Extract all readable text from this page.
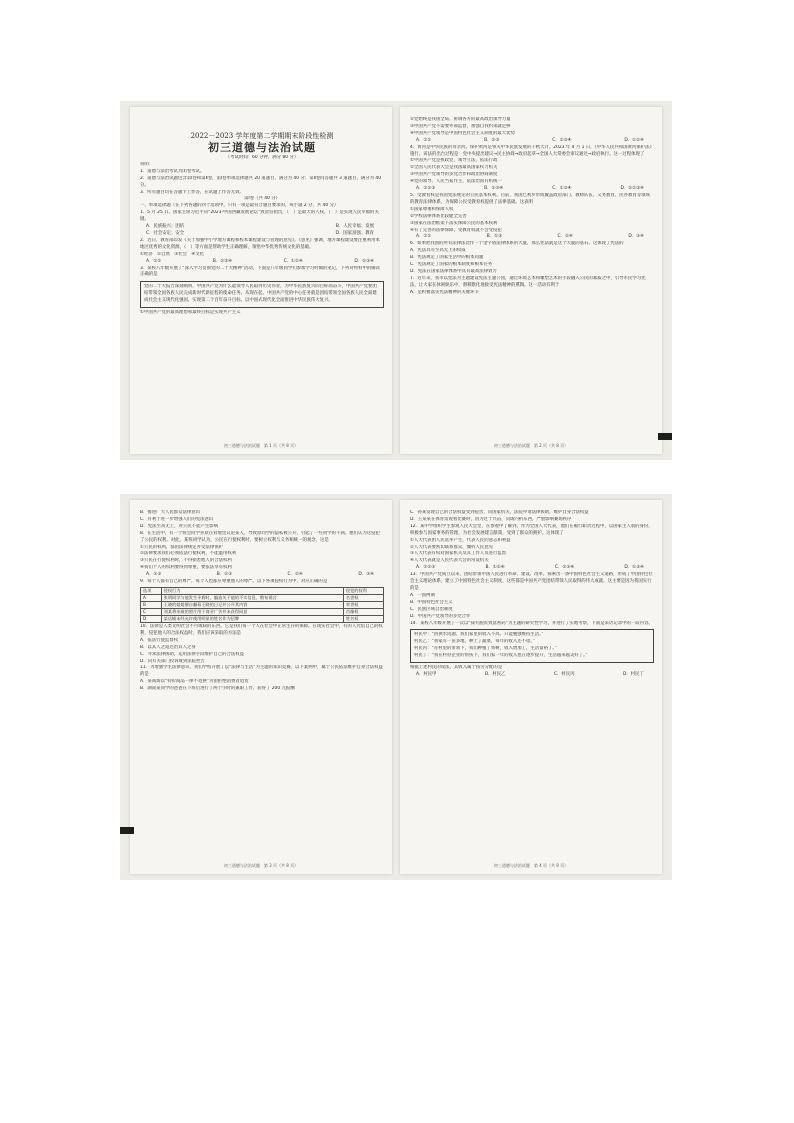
2022－2023 学年度第二学期期末阶段性检测
初三道德与法治试题
（考试时间：60 分钟，满分 80 分）
说明：
1．道德与法治考试为闭卷考试。
2．道德与法治试题包含第Ⅰ卷和第Ⅱ卷，第Ⅰ卷单项选择题共 20 道题目，满分为 40 分；第Ⅱ卷问答题共 3 道题目，满分为 40 分。
3．所有题目均在答题卡上作答，在试题上作答无效。
第Ⅰ卷（共 40 分）
一、单项选择题（在下列各题的四个选项中，只有一项是最符合题目要求的，每小题 2 分，共 40 分）
1．5 月 25 日，国家主席习近平向“2023·中国西藏发展论坛”致贺信指出，（　）是最大的人权，（　）是实现人民幸福的关键。
A．民族振兴；团结	B．人民幸福；发展
C．社会安定；安全	D．国家富强；教育
2．近日，教育部印发《关于加强中小学地方课程和校本课程建设与管理的意见》。《意见》强调，地方课程建设要注重利用本地区优秀的文化资源，（　）等方面是帮助学生正确理解，领悟中华优秀传统文化的基础。
①经济　②自然　③社会　④文化
A．①②	B．②③④	C．①②④	D．②③④
3．某校八年级开展了“深入学习贯彻党的二十大精神”活动，下面是八年级同学们参加学习时做的笔记，下列对材料中的解读正确的是
党的二十大报告深刻阐明，中国共产党为什么能领导人民取得历史伟业，为中华民族复兴的目标而奋斗，中国共产党要团结带领全国各族人民完成新时代新征程的使命任务。从现在起，中国共产党的中心任务就是团结带领全国各族人民全面建成社会主义现代化强国、实现第二个百年奋斗目标，以中国式现代化全面推进中华民族伟大复兴。
①中国共产党的最高理想和最终目标是实现共产主义
初三道德与法治试题　第 1 页（共 8 页）
②党始终是我国全局、协调各方的最高政治领导力量
③中国共产党不需要外部监督，加强自我约束就足够
④中国共产党领导是中国特色社会主义制度的最大优势
A．①②	B．②③	C．②③④	D．①②④
4．黄河是中华民族的母亲河。保护黄河是事关中华民族发展的千秋大计。2023 年 4 月 1 日，《中华人民共和国黄河保护法》施行。该法的出台过程是：党中央提出建议→民主协商→政府起草→全国人大常委会审议通过→政府执行。这一过程体现了
①中国共产党是执政党，领导立法，依法行政
②全国人民代表大会是我国最高国家权力机关
③中国共产党领导的多党合作和政治协商制度
④党的领导、人民当家作主、依法治国有机统一
A．①②③	B．①③④	C．①③④	D．①②③④
5．受教育权是我国宪法规定的公民基本权利。目前，我国已初步形成覆盖政府部门、教师队伍、义务教育、民办教育等领域的教育法律体系，为保障公民受教育权提供了法律基础。这表明
①国家尊重和保障人权
②学校法律体系比较健全完善
③国家在法治框架下落实保障公民的基本权利
④有了完善的法律保障，受教育权就不会受侵犯
A．①②	B．①③	C．②④	D．③④
6．如果把我国的所有法律法比作一个金字塔法律体系的大厦，那么宪法就是这个大厦的基石。这体现了宪法的
A．宪法具有至高无上的权威
B．宪法规定了国家生活中的根本问题
C．宪法规定了国家的根本制度和根本任务
D．宪法在国家法律体系中具有最高法律效力
7．近年来，我市以宪法为主题建设宪法主题公园，通过环境艺术和雕塑艺术的手段融入公民的素质之中，引导市民学习宪法，让大家在休闲娱乐中，潜移默化地接受宪法精神的熏陶。这一活动有利于
A．是积极落实宪法精神的关键环节
初三道德与法治试题　第 2 页（共 8 页）
B．推进广大人民群众法律意识
C．有利于进一步增强人们的宪法意识
D．宪法至高无上，对公民不能产生影响
8．在生活中，有一个班会同学喜欢在背地里议论某人，导致原同学的隐私被公开，引起了一些同学的不满。他们认为这侵犯了公民的权利。对此，某班同学认为，公民在行使权利时，要树立权利与义务相统一的观念，这是
①公民的权利，都由法律规定并受法律保护
②法律要求我们必须依法行使权利，不能滥用权利
③公民在行使权利时，不得损害他人的合法权利
④我们个人的权利要得到尊重，要依法享有权利
A．①③	B．②③	C．②④	D．③④
9．每个人都有自己的尊严，每个人也都应尊重他人的尊严。以下各项侵权行为中，对应正确的是
选项	侵权行为	侵犯的权利
A	张明同学与他发生矛盾时，编造关于他的不实信息，散布谣言	名誉权
B	王晓的姐姐擅自翻看王晓的日记并公开其内容	荣誉权
C	刘某将亲戚的照片用于商业广告并未获得同意	肖像权
D	某店铺未经允许使用明星的姓名作为招牌	姓名权
10．法律是人类文明社会不可或缺的东西。它是我们每一个人在社会中正常生存的保障。在现实社会中，有的人凭借自己的权利，侵犯他人的合法权益时，我们应该采取的方法是
A．依法行使监督权
B．以其人之道还治其人之身
C．寻求法律援助，运用法律手段维护自己的合法权益
D．向有关部门投诉或到法院控告
11．为增强学生法律意识，我们学校开展了以“法律与生活”为主题的知识竞赛。以下案例中，属于公民依法维护自身合法权益的是
A．某商场以“特价商品一律不退换”为由拒绝消费者退货
B．湖南某同学的爸爸在下班后进行了两个小时的兼职工作，获得了 200 元报酬
初三道德与法治试题　第 3 页（共 8 页）
C．孙某发现自己的合法权益受到侵害，向国家机关、法院申请法律援助，维护自身合法权益
D．王某某在体育馆观看比赛时，因为过于兴奋，向场内扔东西，严重影响赛场秩序
12．某中学组织学生参观人民大会堂，在参观中了解到，作为全国人大代表，他们在履行职责过程中，以国家主人翁的身份，积极参与国家事务的管理，为社会发展建言献策，受到了群众的拥护。这体现了
①人大代表由人民选举产生，代表人民的意志和利益
②人大代表要密切联系群众，倾听人民意见
③人大代表有权对国家机关及其工作人员进行监督
④人大代表就是人民代表大会的常设机关
A．①②③	B．①②④	C．②③④	D．①③④
13．中国共产党成立以来，团结带领中国人民进行革命、建设、改革，探索出一条中国特色社会主义道路，形成了中国特色社会主义理论体系，建立了中国特色社会主义制度，这些都是中国共产党团结带领人民取得的伟大成就。这主要是因为我国实行的是
A．一国两制
B．中国特色社会主义
C．民族区域自治制度
D．中国共产党领导的多党合作
14．某校八年级开展了一次以“探究脱贫致富密码”为主题的研究性学习，并进行了实地考察，下面是采访记录中的一段内容。
村民甲：“因供水问题，我们家里的收入不高，只能勉强维持生活。”
村民乙：“我家有一亩多地，种上了蔬菜，每年的收入还不错。”
村民丙：“在村里的带领下，我们种植了果树，收入增加了，生活富裕了。”
村民丁：“我在村办企业的帮扶下，我们家一年的收入也在逐步提升，生活越来越美好了。”
根据上述村民的说法，其收入属于按劳分配的是
A．村民甲	B．村民乙	C．村民丙	D．村民丁
初三道德与法治试题　第 4 页（共 8 页）
